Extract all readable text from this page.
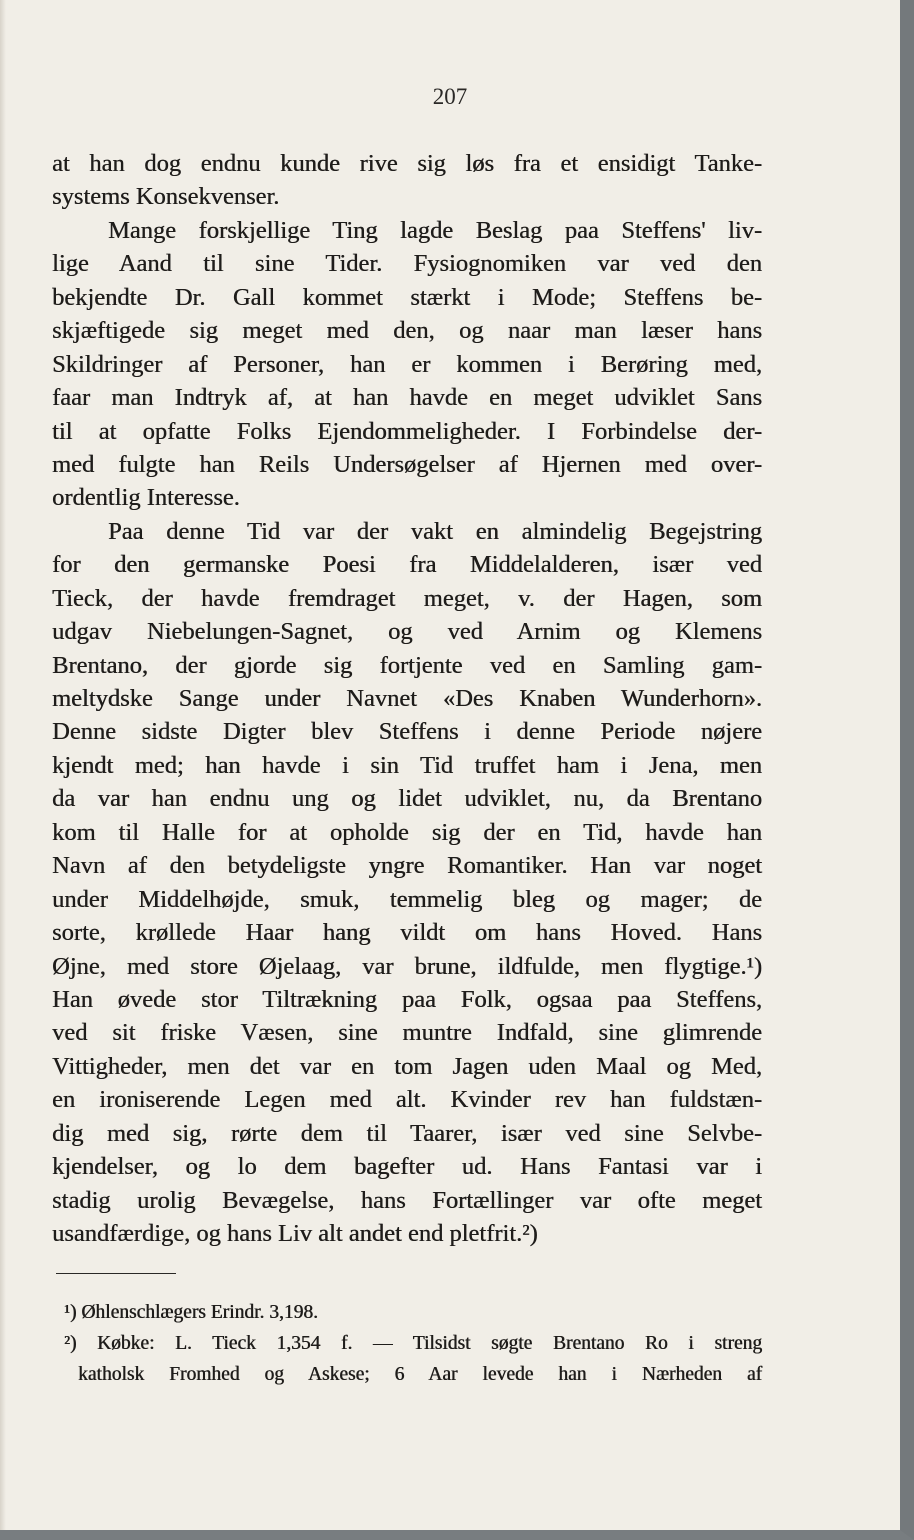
207
at han dog endnu kunde rive sig løs fra et ensidigt Tanke-
systems Konsekvenser.
Mange forskjellige Ting lagde Beslag paa Steffens' liv-
lige Aand til sine Tider. Fysiognomiken var ved den
bekjendte Dr. Gall kommet stærkt i Mode; Steffens be-
skjæftigede sig meget med den, og naar man læser hans
Skildringer af Personer, han er kommen i Berøring med,
faar man Indtryk af, at han havde en meget udviklet Sans
til at opfatte Folks Ejendommeligheder. I Forbindelse der-
med fulgte han Reils Undersøgelser af Hjernen med over-
ordentlig Interesse.
Paa denne Tid var der vakt en almindelig Begejstring
for den germanske Poesi fra Middelalderen, især ved
Tieck, der havde fremdraget meget, v. der Hagen, som
udgav Niebelungen-Sagnet, og ved Arnim og Klemens
Brentano, der gjorde sig fortjente ved en Samling gam-
meltydske Sange under Navnet «Des Knaben Wunderhorn».
Denne sidste Digter blev Steffens i denne Periode nøjere
kjendt med; han havde i sin Tid truffet ham i Jena, men
da var han endnu ung og lidet udviklet, nu, da Brentano
kom til Halle for at opholde sig der en Tid, havde han
Navn af den betydeligste yngre Romantiker. Han var noget
under Middelhøjde, smuk, temmelig bleg og mager; de
sorte, krøllede Haar hang vildt om hans Hoved. Hans
Øjne, med store Øjelaag, var brune, ildfulde, men flygtige.¹)
Han øvede stor Tiltrækning paa Folk, ogsaa paa Steffens,
ved sit friske Væsen, sine muntre Indfald, sine glimrende
Vittigheder, men det var en tom Jagen uden Maal og Med,
en ironiserende Legen med alt. Kvinder rev han fuldstæn-
dig med sig, rørte dem til Taarer, især ved sine Selvbe-
kjendelser, og lo dem bagefter ud. Hans Fantasi var i
stadig urolig Bevægelse, hans Fortællinger var ofte meget
usandfærdige, og hans Liv alt andet end pletfrit.²)
¹) Øhlenschlægers Erindr. 3,198.
²) Købke: L. Tieck 1,354 f. — Tilsidst søgte Brentano Ro i streng
katholsk Fromhed og Askese; 6 Aar levede han i Nærheden af
